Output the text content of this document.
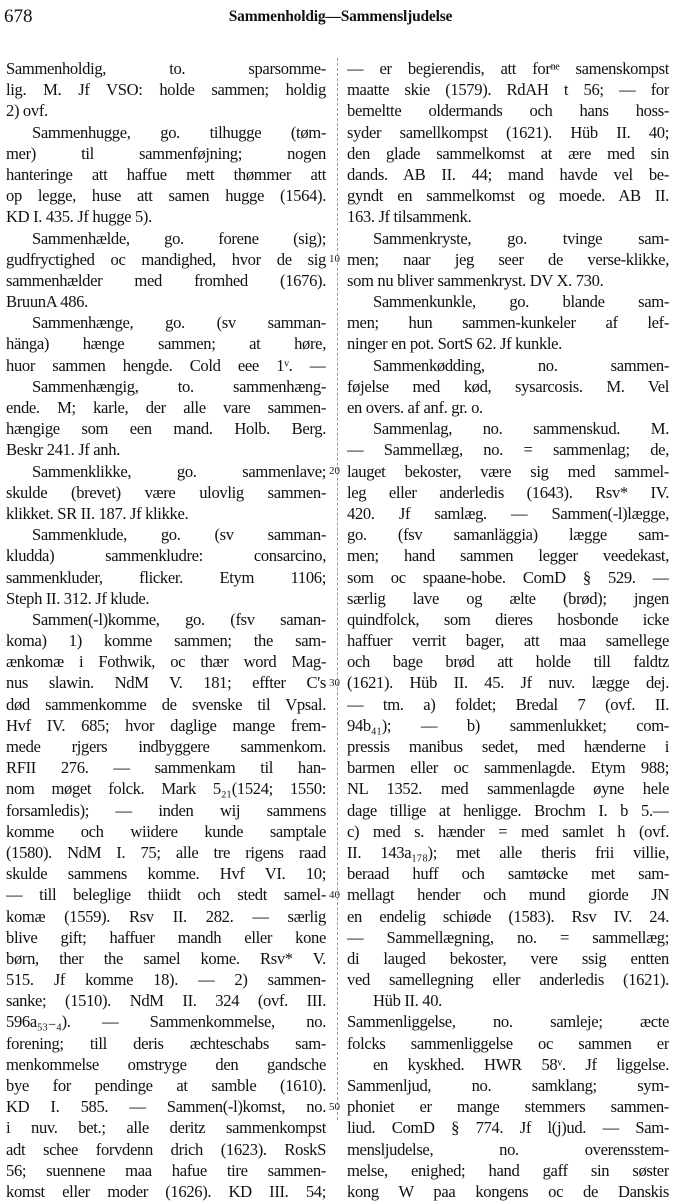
678	Sammenholdig—Sammensljudelse
Sammenholdig, to. sparsomme-
lig. M. Jf VSO: holde sammen; holdig
2) ovf.
Sammenhugge, go. tilhugge (tøm-
mer) til sammenføjning; nogen
hanteringe att haffue mett thømmer att
op legge, huse att samen hugge (1564).
KD I. 435. Jf hugge 5).
Sammenhælde, go. forene (sig);
gudfryctighed oc mandighed, hvor de sig
sammenhælder med fromhed (1676).
BruunA 486.
Sammenhænge, go. (sv samman-
hänga) hænge sammen; at høre,
huor sammen hengde. Cold eee 1ᵛ. —
Sammenhængig, to. sammenhæng-
ende. M; karle, der alle vare sammen-
hængige som een mand. Holb. Berg.
Beskr 241. Jf anh.
Sammenklikke, go. sammenlave;
skulde (brevet) være ulovlig sammen-
klikket. SR II. 187. Jf klikke.
Sammenklude, go. (sv samman-
kludda) sammenkludre: consarcino,
sammenkluder, flicker. Etym 1106;
Steph II. 312. Jf klude.
Sammen(-l)komme, go. (fsv saman-
koma) 1) komme sammen; the sam-
ænkomæ i Fothwik, oc thær word Mag-
nus slawin. NdM V. 181; effter C's
død sammenkomme de svenske til Vpsal.
Hvf IV. 685; hvor daglige mange frem-
mede rjgers indbyggere sammenkom.
RFII 276. — sammenkam til han-
nom møget folck. Mark 5₂₁(1524; 1550:
forsamledis); — inden wij sammens
komme och wiidere kunde samptale
(1580). NdM I. 75; alle tre rigens raad
skulde sammens komme. Hvf VI. 10;
— till beleglige thiidt och stedt samel-
komæ (1559). Rsv II. 282. — særlig
blive gift; haffuer mandh eller kone
børn, ther the samel kome. Rsv* V.
515. Jf komme 18). — 2) sammen-
sanke; (1510). NdM II. 324 (ovf. III.
596a₅₃₋₄). — Sammenkommelse, no.
forening; till deris æchteschabs sam-
menkommelse omstryge den gandsche
bye for pendinge at samble (1610).
KD I. 585. — Sammen(-l)komst, no.
i nuv. bet.; alle deritz sammenkompst
adt schee forvdenn drich (1623). RoskS
56; suennene maa hafue tire sammen-
komst eller moder (1626). KD III. 54;
10
20
30
40
50
— er begierendis, att forⁿᵉ samenskompst
maatte skie (1579). RdAH t 56; — for
bemeltte oldermands och hans hoss-
syder samellkompst (1621). Hüb II. 40;
den glade sammelkomst at ære med sin
dands. AB II. 44; mand havde vel be-
gyndt en sammelkomst og moede. AB II.
163. Jf tilsammenk.
Sammenkryste, go. tvinge sam-
men; naar jeg seer de verse-klikke,
som nu bliver sammenkryst. DV X. 730.
Sammenkunkle, go. blande sam-
men; hun sammen-kunkeler af lef-
ninger en pot. SortS 62. Jf kunkle.
Sammenkødding, no. sammen-
føjelse med kød, sysarcosis. M. Vel
en overs. af anf. gr. o.
Sammenlag, no. sammenskud. M.
— Sammellæg, no. = sammenlag; de,
lauget bekoster, være sig med sammel-
leg eller anderledis (1643). Rsv* IV.
420. Jf samlæg. — Sammen(-l)lægge,
go. (fsv samanläggia) lægge sam-
men; hand sammen legger veedekast,
som oc spaane-hobe. ComD § 529. —
særlig lave og ælte (brød); jngen
quindfolck, som dieres hosbonde icke
haffuer verrit bager, att maa samellege
och bage brød att holde till faldtz
(1621). Hüb II. 45. Jf nuv. lægge dej.
— tm. a) foldet; Bredal 7 (ovf. II.
94b₄₁); — b) sammenlukket; com-
pressis manibus sedet, med hænderne i
barmen eller oc sammenlagde. Etym 988;
NL 1352. med sammenlagde øyne hele
dage tillige at henligge. Brochm I. b 5.—
c) med s. hænder = med samlet h (ovf.
II. 143a₁₇₈); met alle theris frii villie,
beraad huff och samtøcke met sam-
mellagt hender och mund giorde JN
en endelig schiøde (1583). Rsv IV. 24.
— Sammellægning, no. = sammellæg;
di lauged bekoster, vere ssig entten
ved samellegning eller anderledis (1621).
Hüb II. 40.
Sammenliggelse, no. samleje; æcte
folcks sammenliggelse oc sammen er
en kyskhed. HWR 58ᵛ. Jf liggelse.
Sammenljud, no. samklang; sym-
phoniet er mange stemmers sammen-
liud. ComD § 774. Jf l(j)ud. — Sam-
mensljudelse, no. overensstem-
melse, enighed; hand gaff sin søster
kong W paa kongens oc de Danskis
